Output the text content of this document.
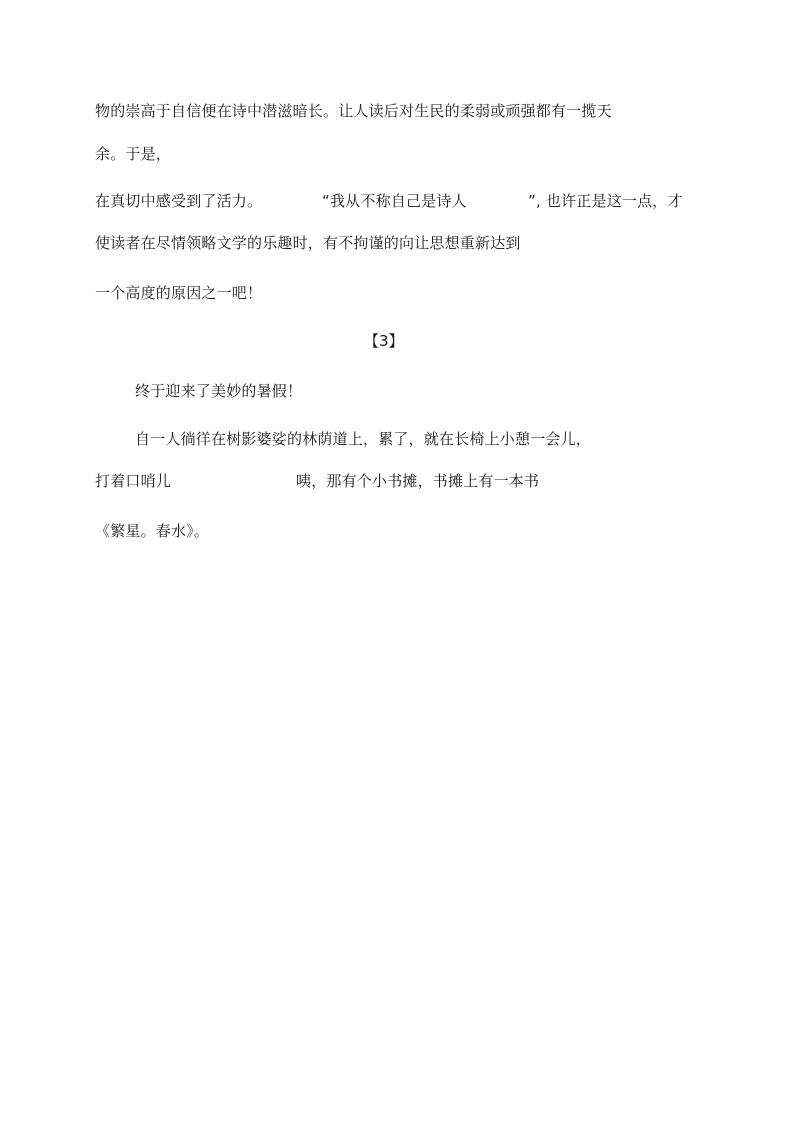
物的崇高于自信便在诗中潜滋暗长。让人读后对生民的柔弱或顽强都有一揽天
余。于是，
在真切中感受到了活力。	“我从不称自己是诗人	”, 也许正是这一点，才
使读者在尽情领略文学的乐趣时，有不拘谨的向让思想重新达到
一个高度的原因之一吧！
【3】
终于迎来了美妙的暑假！
自一人徜徉在树影婆娑的林荫道上，累了，就在长椅上小憩一会儿，
打着口哨儿	咦，那有个小书摊，书摊上有一本书
《繁星。春水》。
